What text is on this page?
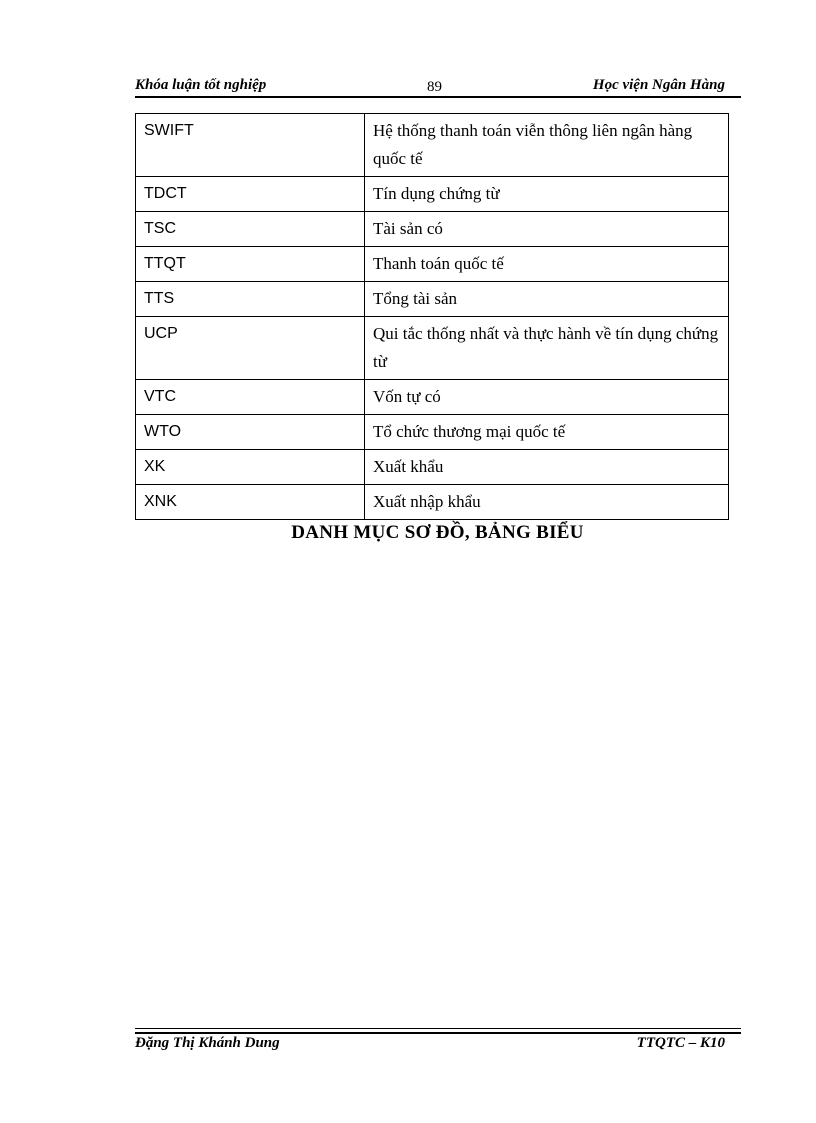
Khóa luận tốt nghiệp	89	Học viện Ngân Hàng
SWIFT	Hệ thống thanh toán viễn thông liên ngân hàng quốc tế
TDCT	Tín dụng chứng từ
TSC	Tài sản có
TTQT	Thanh toán quốc tế
TTS	Tổng tài sản
UCP	Qui tắc thống nhất và thực hành về tín dụng chứng từ
VTC	Vốn tự có
WTO	Tổ chức thương mại quốc tế
XK	Xuất khẩu
XNK	Xuất nhập khẩu
DANH MỤC SƠ ĐỒ, BẢNG BIỂU
Đặng Thị Khánh Dung	TTQTC – K10
